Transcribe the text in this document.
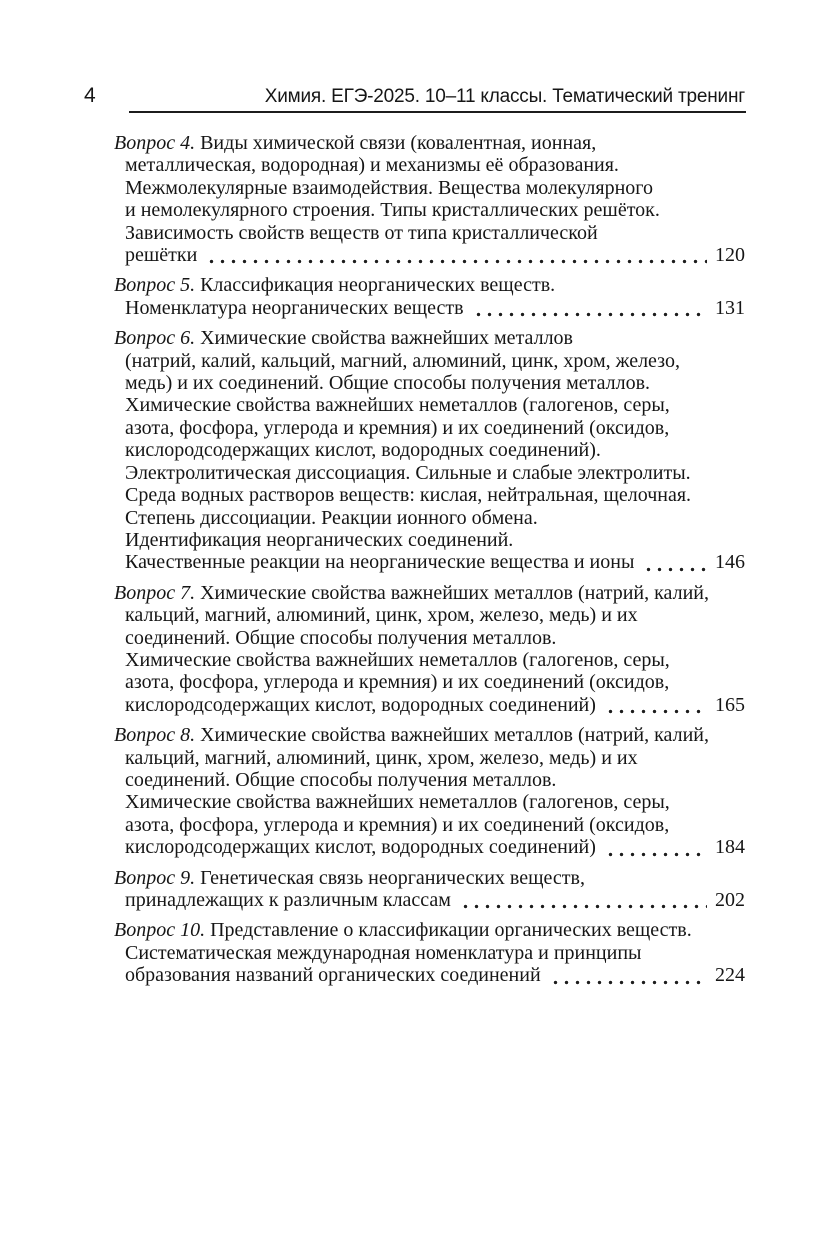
4	Химия. ЕГЭ-2025. 10–11 классы. Тематический тренинг
Вопрос 4. Виды химической связи (ковалентная, ионная,
металлическая, водородная) и механизмы её образования.
Межмолекулярные взаимодействия. Вещества молекулярного
и немолекулярного строения. Типы кристаллических решёток.
Зависимость свойств веществ от типа кристаллической
решётки	120
Вопрос 5. Классификация неорганических веществ.
Номенклатура неорганических веществ	131
Вопрос 6. Химические свойства важнейших металлов
(натрий, калий, кальций, магний, алюминий, цинк, хром, железо,
медь) и их соединений. Общие способы получения металлов.
Химические свойства важнейших неметаллов (галогенов, серы,
азота, фосфора, углерода и кремния) и их соединений (оксидов,
кислородсодержащих кислот, водородных соединений).
Электролитическая диссоциация. Сильные и слабые электролиты.
Среда водных растворов веществ: кислая, нейтральная, щелочная.
Степень диссоциации. Реакции ионного обмена.
Идентификация неорганических соединений.
Качественные реакции на неорганические вещества и ионы	146
Вопрос 7. Химические свойства важнейших металлов (натрий, калий,
кальций, магний, алюминий, цинк, хром, железо, медь) и их
соединений. Общие способы получения металлов.
Химические свойства важнейших неметаллов (галогенов, серы,
азота, фосфора, углерода и кремния) и их соединений (оксидов,
кислородсодержащих кислот, водородных соединений)	165
Вопрос 8. Химические свойства важнейших металлов (натрий, калий,
кальций, магний, алюминий, цинк, хром, железо, медь) и их
соединений. Общие способы получения металлов.
Химические свойства важнейших неметаллов (галогенов, серы,
азота, фосфора, углерода и кремния) и их соединений (оксидов,
кислородсодержащих кислот, водородных соединений)	184
Вопрос 9. Генетическая связь неорганических веществ,
принадлежащих к различным классам	202
Вопрос 10. Представление о классификации органических веществ.
Систематическая международная номенклатура и принципы
образования названий органических соединений	224
